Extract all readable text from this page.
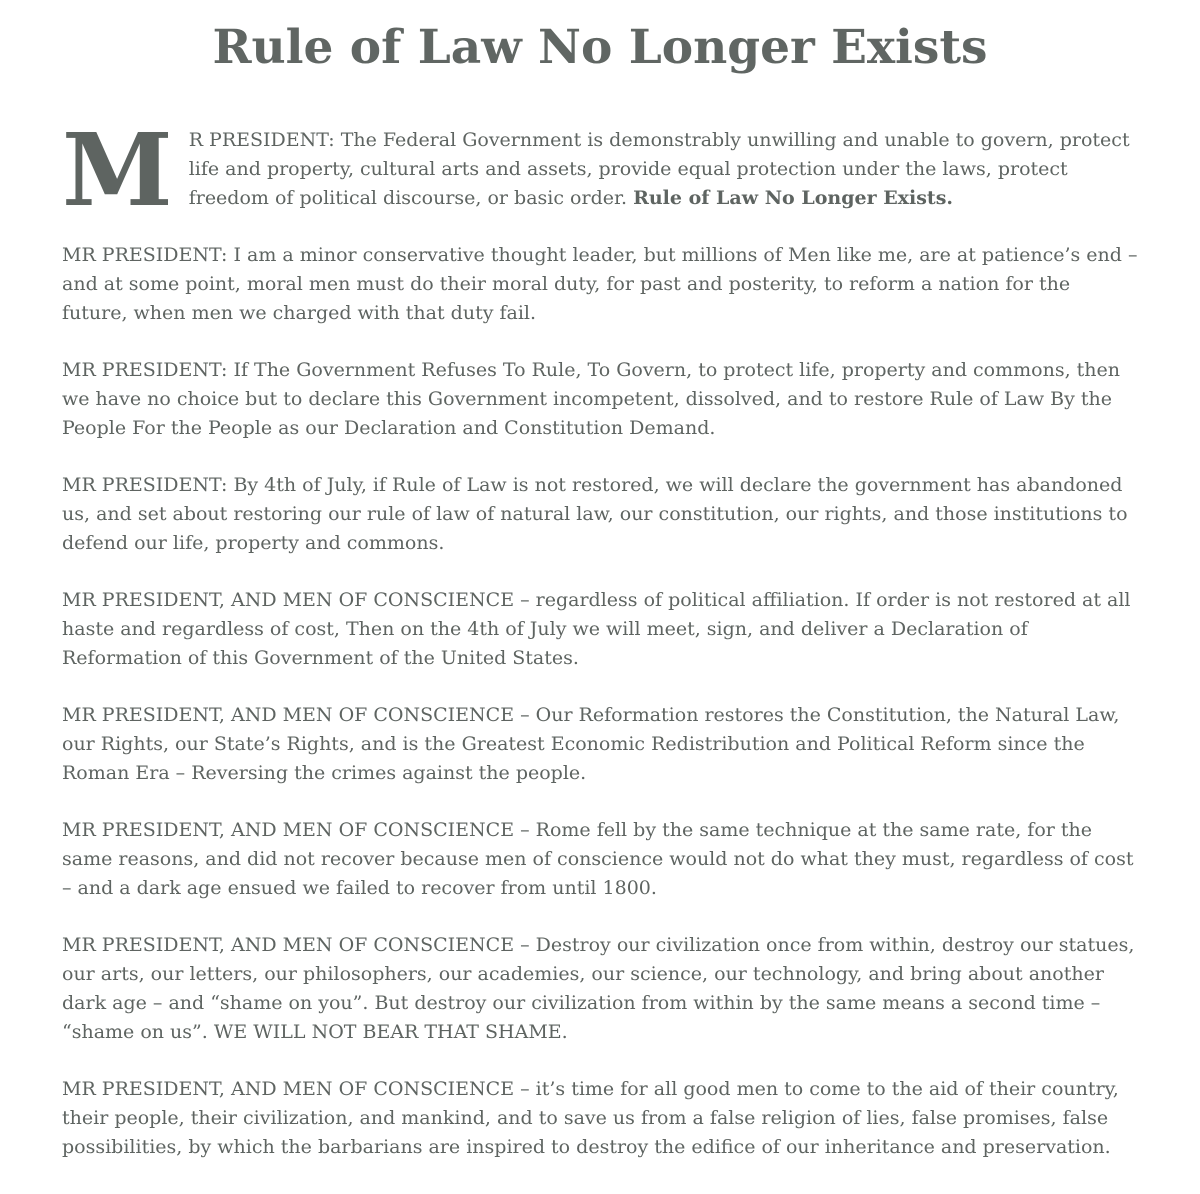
Rule of Law No Longer Exists

M R PRESIDENT: The Federal Government is demonstrably unwilling and unable to govern, protect life and property, cultural arts and assets, provide equal protection under the laws, protect freedom of political discourse, or basic order. Rule of Law No Longer Exists.

MR PRESIDENT: I am a minor conservative thought leader, but millions of Men like me, are at patience’s end – and at some point, moral men must do their moral duty, for past and posterity, to reform a nation for the future, when men we charged with that duty fail.

MR PRESIDENT: If The Government Refuses To Rule, To Govern, to protect life, property and commons, then we have no choice but to declare this Government incompetent, dissolved, and to restore Rule of Law By the People For the People as our Declaration and Constitution Demand.

MR PRESIDENT: By 4th of July, if Rule of Law is not restored, we will declare the government has abandoned us, and set about restoring our rule of law of natural law, our constitution, our rights, and those institutions to defend our life, property and commons.

MR PRESIDENT, AND MEN OF CONSCIENCE – regardless of political affiliation. If order is not restored at all haste and regardless of cost, Then on the 4th of July we will meet, sign, and deliver a Declaration of Reformation of this Government of the United States.

MR PRESIDENT, AND MEN OF CONSCIENCE – Our Reformation restores the Constitution, the Natural Law, our Rights, our State’s Rights, and is the Greatest Economic Redistribution and Political Reform since the Roman Era – Reversing the crimes against the people.

MR PRESIDENT, AND MEN OF CONSCIENCE – Rome fell by the same technique at the same rate, for the same reasons, and did not recover because men of conscience would not do what they must, regardless of cost – and a dark age ensued we failed to recover from until 1800.

MR PRESIDENT, AND MEN OF CONSCIENCE – Destroy our civilization once from within, destroy our statues, our arts, our letters, our philosophers, our academies, our science, our technology, and bring about another dark age – and “shame on you”. But destroy our civilization from within by the same means a second time – “shame on us”. WE WILL NOT BEAR THAT SHAME.

MR PRESIDENT, AND MEN OF CONSCIENCE – it’s time for all good men to come to the aid of their country, their people, their civilization, and mankind, and to save us from a false religion of lies, false promises, false possibilities, by which the barbarians are inspired to destroy the edifice of our inheritance and preservation.
